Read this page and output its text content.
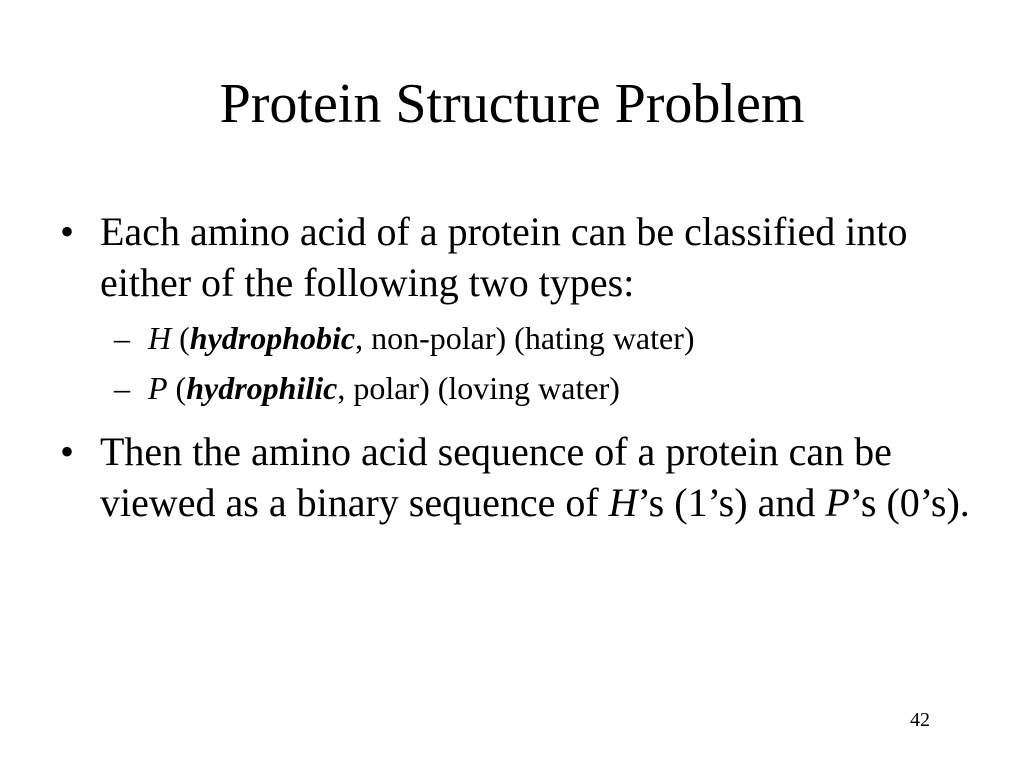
Protein Structure Problem
• Each amino acid of a protein can be classified into either of the following two types:
– H (hydrophobic, non-polar) (hating water)
– P (hydrophilic, polar) (loving water)
• Then the amino acid sequence of a protein can be viewed as a binary sequence of H’s (1’s) and P’s (0’s).
42
